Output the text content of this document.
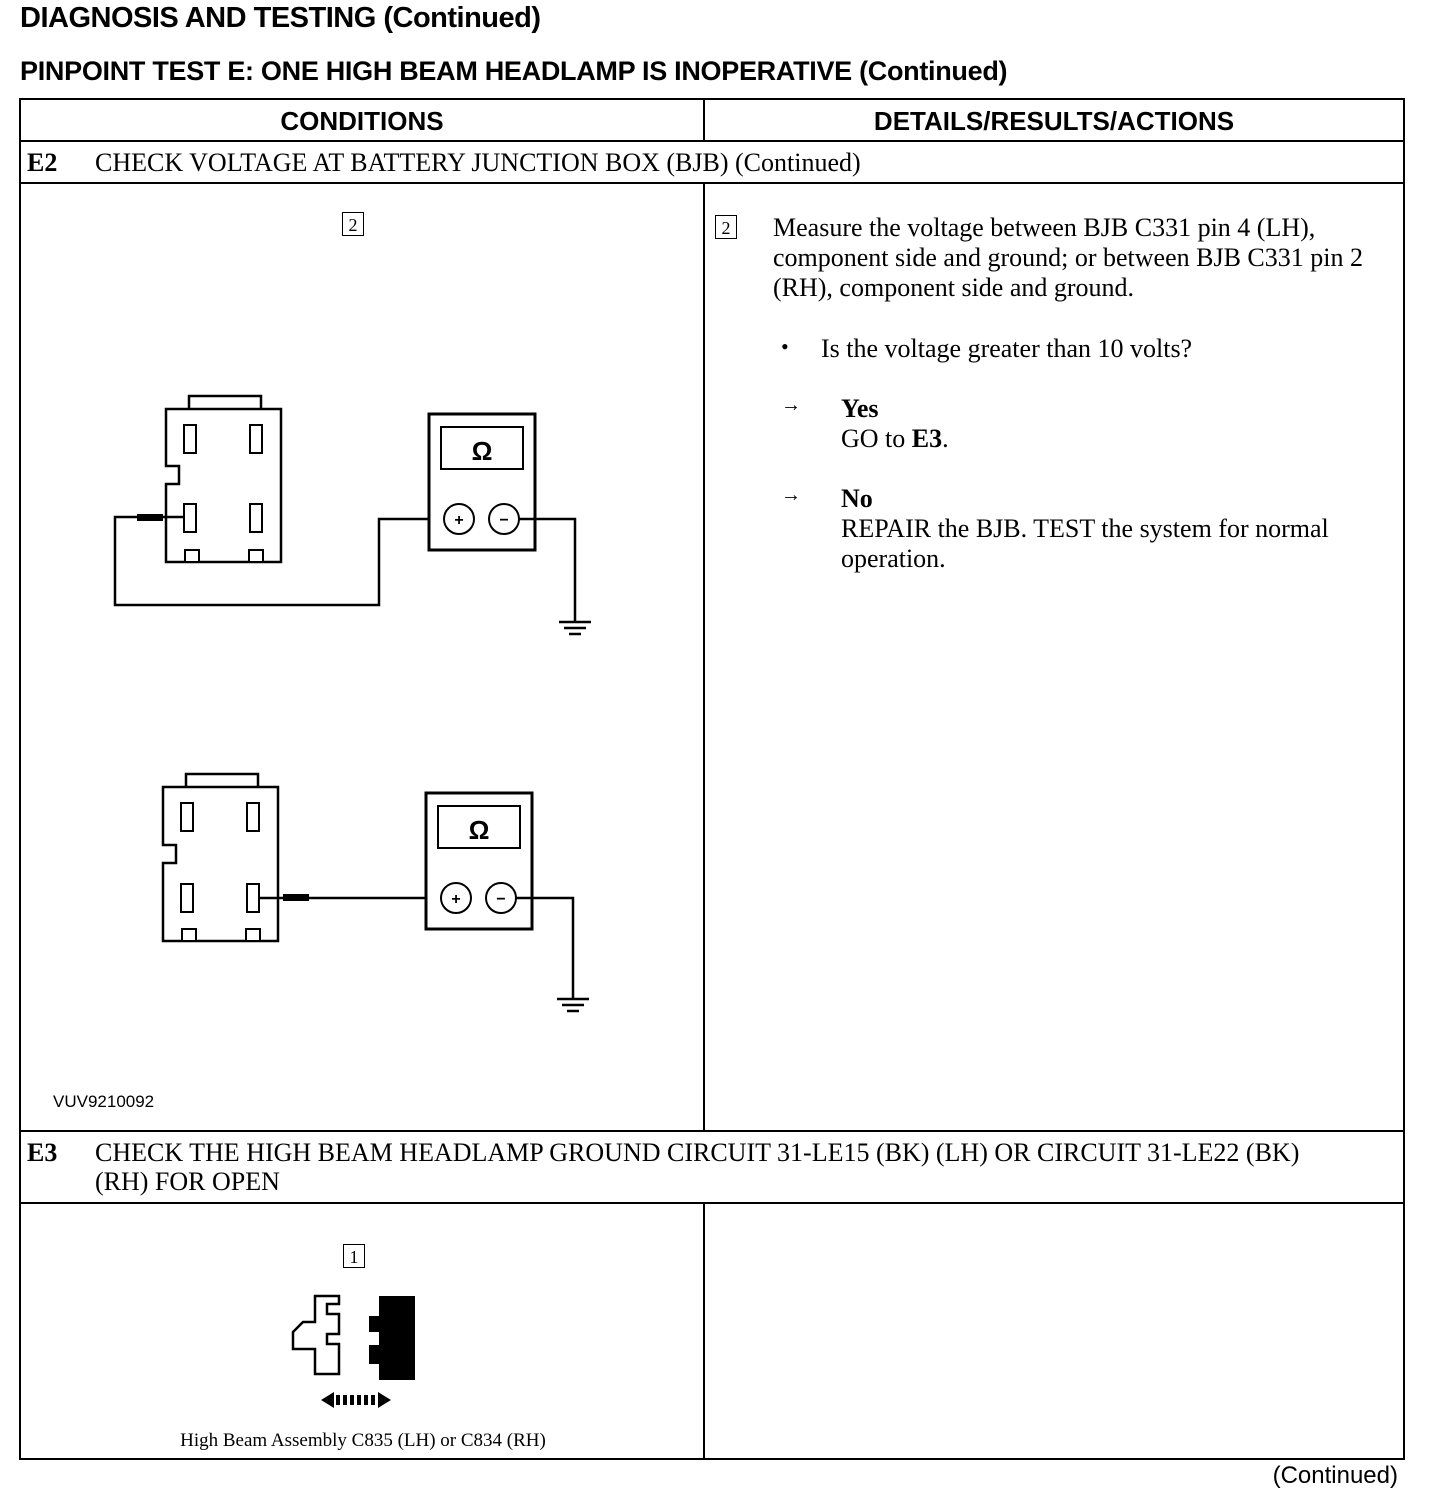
DIAGNOSIS AND TESTING (Continued)
PINPOINT TEST E: ONE HIGH BEAM HEADLAMP IS INOPERATIVE (Continued)
CONDITIONS	DETAILS/RESULTS/ACTIONS
E2	CHECK VOLTAGE AT BATTERY JUNCTION BOX (BJB) (Continued)
2
Ω
+ −
Ω
+ −
VUV9210092
2 Measure the voltage between BJB C331 pin 4 (LH), component side and ground; or between BJB C331 pin 2 (RH), component side and ground.
• Is the voltage greater than 10 volts?
→ Yes
GO to E3.
→ No
REPAIR the BJB. TEST the system for normal operation.
E3	CHECK THE HIGH BEAM HEADLAMP GROUND CIRCUIT 31-LE15 (BK) (LH) OR CIRCUIT 31-LE22 (BK) (RH) FOR OPEN
1
High Beam Assembly C835 (LH) or C834 (RH)
(Continued)
